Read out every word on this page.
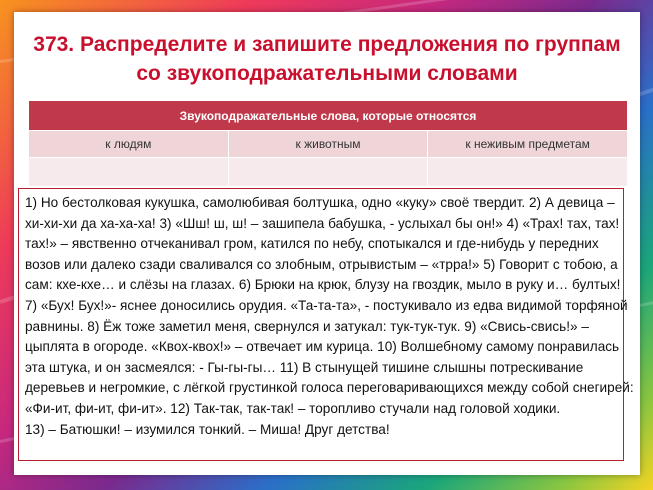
373. Распределите и запишите предложения по группам
со звукоподражательными словами
Звукоподражательные слова, которые относятся		
к людям	к животным	к неживым предметам

1) Но бестолковая кукушка, самолюбивая болтушка, одно «куку» своё твердит. 2) А девица –

хи-хи-хи да ха-ха-ха! 3) «Шш! ш, ш! – зашипела бабушка, - услыхал бы он!» 4) «Трах! тах, тах!

тах!» – явственно отчеканивал гром, катился по небу, спотыкался и где-нибудь у передних

возов или далеко сзади сваливался со злобным, отрывистым – «трра!» 5) Говорит с тобою, а

сам: кхе-кхе… и слёзы на глазах. 6) Брюки на крюк, блузу на гвоздик, мыло в руку и… бултых!

7) «Бух! Бух!»- яснее доносились орудия. «Та-та-та», - постукивало из едва видимой торфяной

равнины. 8) Ёж тоже заметил меня, свернулся и затукал: тук-тук-тук. 9) «Свись-свись!» –

цыплята в огороде. «Квох-квох!» – отвечает им курица. 10) Волшебному самому понравилась

эта штука, и он засмеялся: - Гы-гы-гы… 11) В стынущей тишине слышны потрескивание

деревьев и негромкие, с лёгкой грустинкой голоса переговаривающихся между собой снегирей:

«Фи-ит, фи-ит, фи-ит». 12) Так-так, так-так! – торопливо стучали над головой ходики.

13) – Батюшки! – изумился тонкий. – Миша! Друг детства!
